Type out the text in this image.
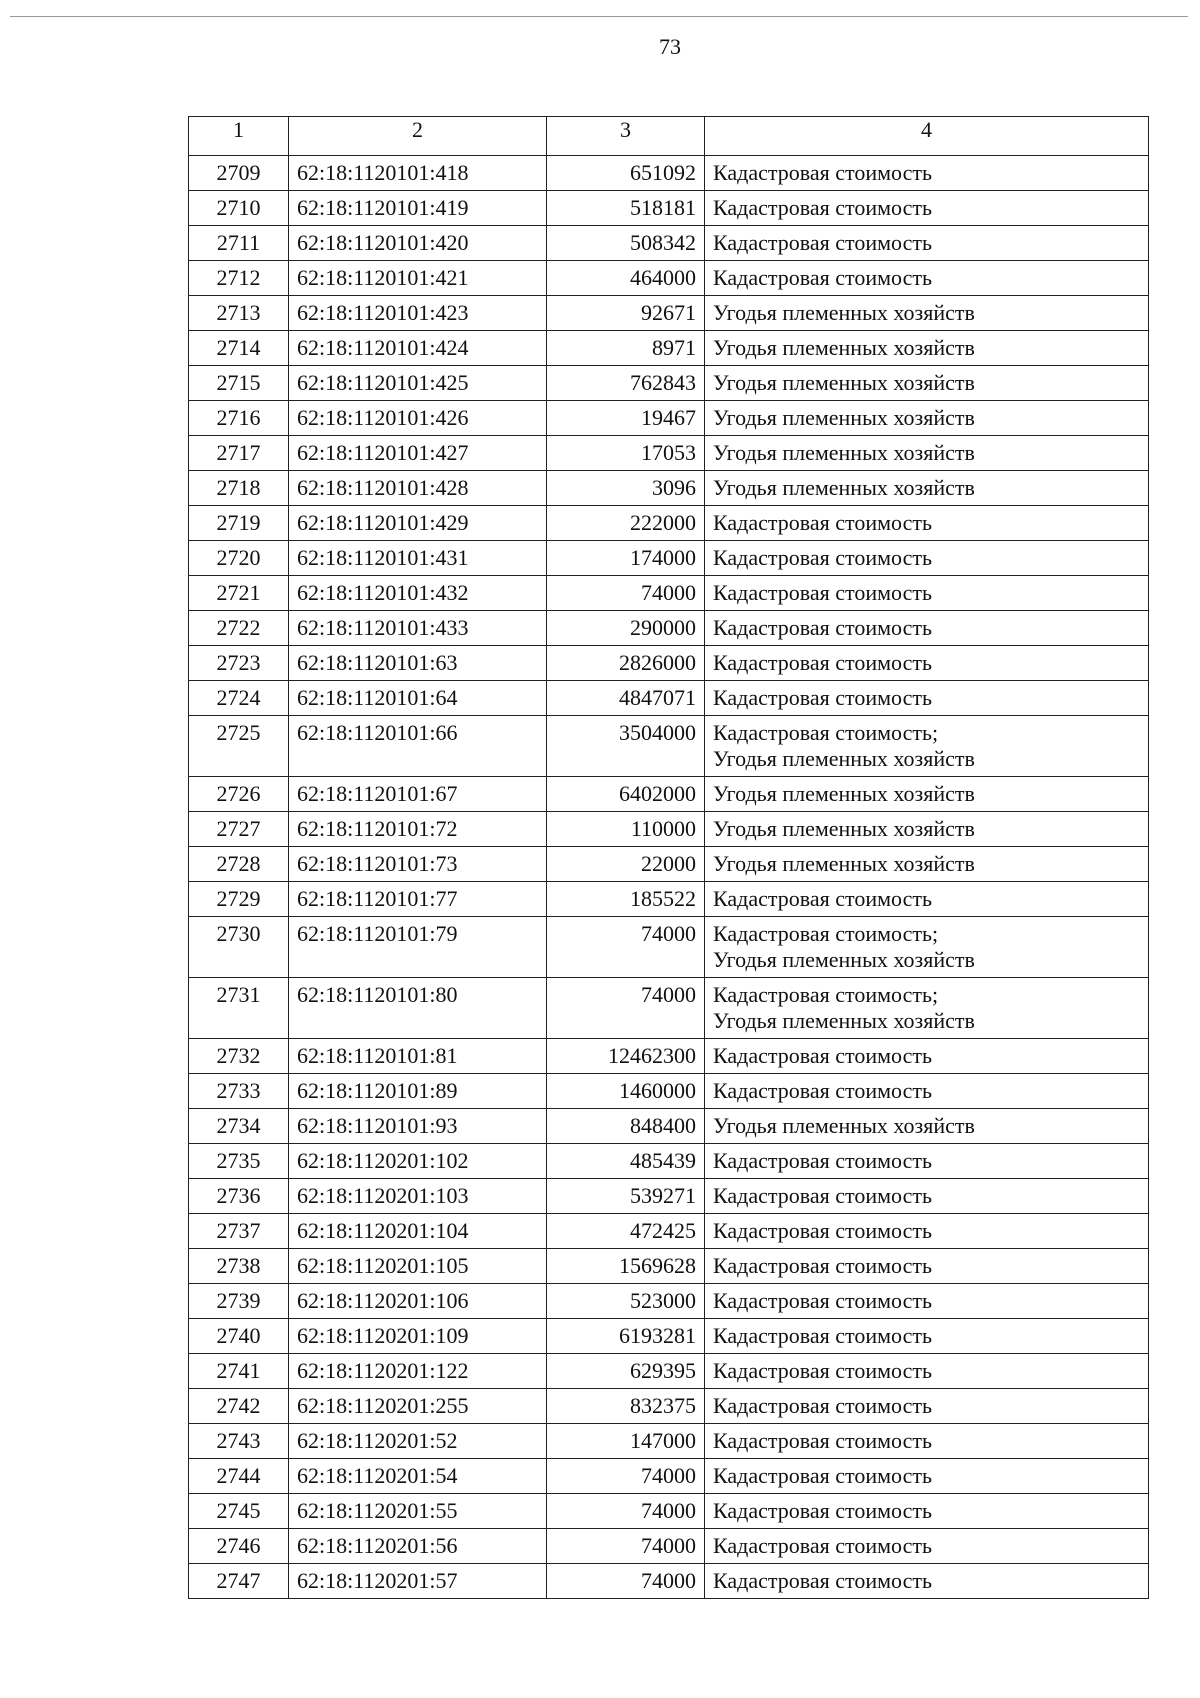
73
1	2	3	4
2709	62:18:1120101:418	651092	Кадастровая стоимость

2710	62:18:1120101:419	518181	Кадастровая стоимость

2711	62:18:1120101:420	508342	Кадастровая стоимость

2712	62:18:1120101:421	464000	Кадастровая стоимость

2713	62:18:1120101:423	92671	Угодья племенных хозяйств

2714	62:18:1120101:424	8971	Угодья племенных хозяйств

2715	62:18:1120101:425	762843	Угодья племенных хозяйств

2716	62:18:1120101:426	19467	Угодья племенных хозяйств

2717	62:18:1120101:427	17053	Угодья племенных хозяйств

2718	62:18:1120101:428	3096	Угодья племенных хозяйств

2719	62:18:1120101:429	222000	Кадастровая стоимость

2720	62:18:1120101:431	174000	Кадастровая стоимость

2721	62:18:1120101:432	74000	Кадастровая стоимость

2722	62:18:1120101:433	290000	Кадастровая стоимость

2723	62:18:1120101:63	2826000	Кадастровая стоимость

2724	62:18:1120101:64	4847071	Кадастровая стоимость

2725	62:18:1120101:66	3504000	Кадастровая стоимость;
Угодья племенных хозяйств

2726	62:18:1120101:67	6402000	Угодья племенных хозяйств

2727	62:18:1120101:72	110000	Угодья племенных хозяйств

2728	62:18:1120101:73	22000	Угодья племенных хозяйств

2729	62:18:1120101:77	185522	Кадастровая стоимость

2730	62:18:1120101:79	74000	Кадастровая стоимость;
Угодья племенных хозяйств

2731	62:18:1120101:80	74000	Кадастровая стоимость;
Угодья племенных хозяйств

2732	62:18:1120101:81	12462300	Кадастровая стоимость

2733	62:18:1120101:89	1460000	Кадастровая стоимость

2734	62:18:1120101:93	848400	Угодья племенных хозяйств

2735	62:18:1120201:102	485439	Кадастровая стоимость

2736	62:18:1120201:103	539271	Кадастровая стоимость

2737	62:18:1120201:104	472425	Кадастровая стоимость

2738	62:18:1120201:105	1569628	Кадастровая стоимость

2739	62:18:1120201:106	523000	Кадастровая стоимость

2740	62:18:1120201:109	6193281	Кадастровая стоимость

2741	62:18:1120201:122	629395	Кадастровая стоимость

2742	62:18:1120201:255	832375	Кадастровая стоимость

2743	62:18:1120201:52	147000	Кадастровая стоимость

2744	62:18:1120201:54	74000	Кадастровая стоимость

2745	62:18:1120201:55	74000	Кадастровая стоимость

2746	62:18:1120201:56	74000	Кадастровая стоимость

2747	62:18:1120201:57	74000	Кадастровая стоимость
